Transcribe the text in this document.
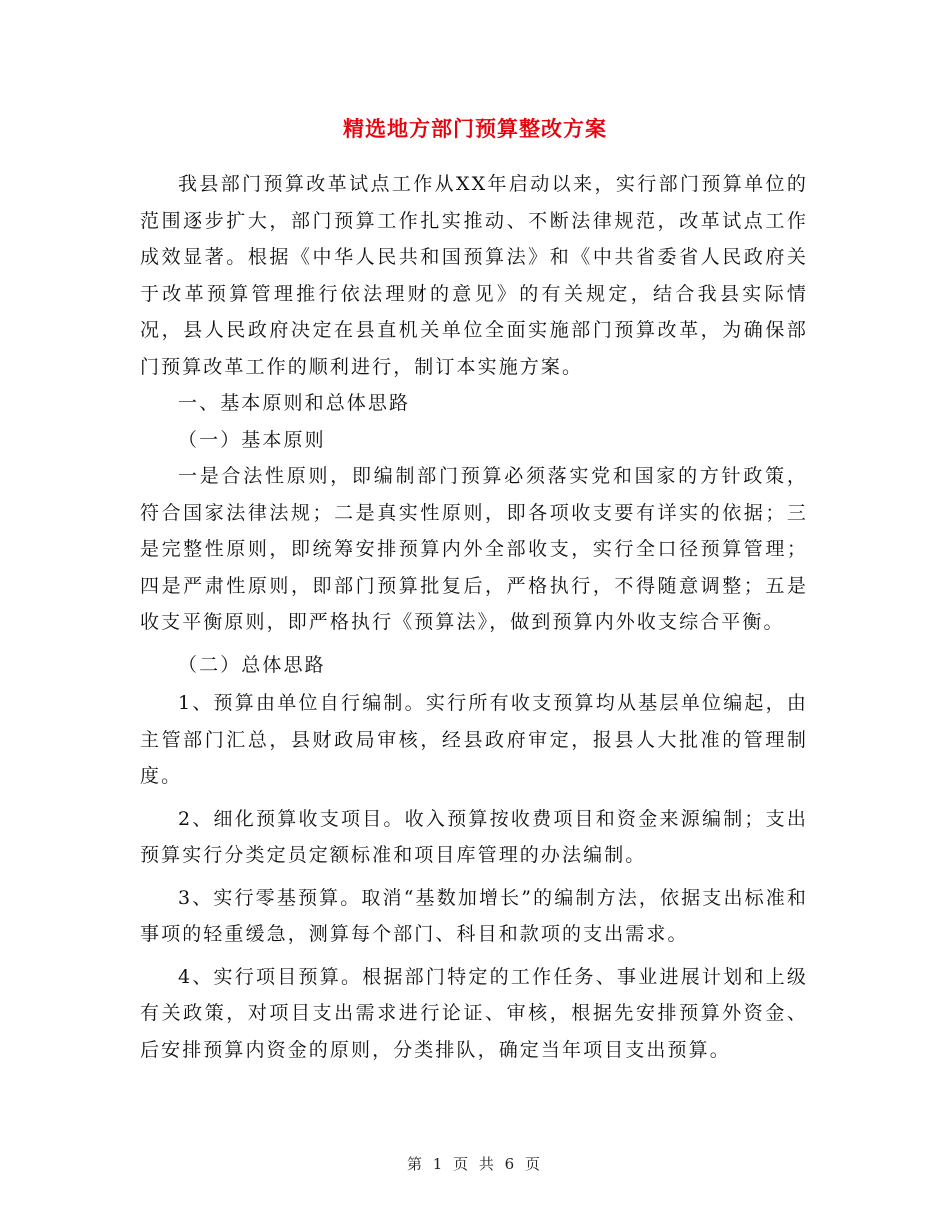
精选地方部门预算整改方案

我县部门预算改革试点工作从XX年启动以来，实行部门预算单位的范围逐步扩大，部门预算工作扎实推动、不断法律规范，改革试点工作成效显著。根据《中华人民共和国预算法》和《中共省委省人民政府关于改革预算管理推行依法理财的意见》的有关规定，结合我县实际情况，县人民政府决定在县直机关单位全面实施部门预算改革，为确保部门预算改革工作的顺利进行，制订本实施方案。

一、基本原则和总体思路

（一）基本原则

一是合法性原则，即编制部门预算必须落实党和国家的方针政策，符合国家法律法规；二是真实性原则，即各项收支要有详实的依据；三是完整性原则，即统筹安排预算内外全部收支，实行全口径预算管理；四是严肃性原则，即部门预算批复后，严格执行，不得随意调整；五是收支平衡原则，即严格执行《预算法》，做到预算内外收支综合平衡。

（二）总体思路

1、预算由单位自行编制。实行所有收支预算均从基层单位编起，由主管部门汇总，县财政局审核，经县政府审定，报县人大批准的管理制度。

2、细化预算收支项目。收入预算按收费项目和资金来源编制；支出预算实行分类定员定额标准和项目库管理的办法编制。

3、实行零基预算。取消“基数加增长”的编制方法，依据支出标准和事项的轻重缓急，测算每个部门、科目和款项的支出需求。

4、实行项目预算。根据部门特定的工作任务、事业进展计划和上级有关政策，对项目支出需求进行论证、审核，根据先安排预算外资金、后安排预算内资金的原则，分类排队，确定当年项目支出预算。

第 1 页 共 6 页
